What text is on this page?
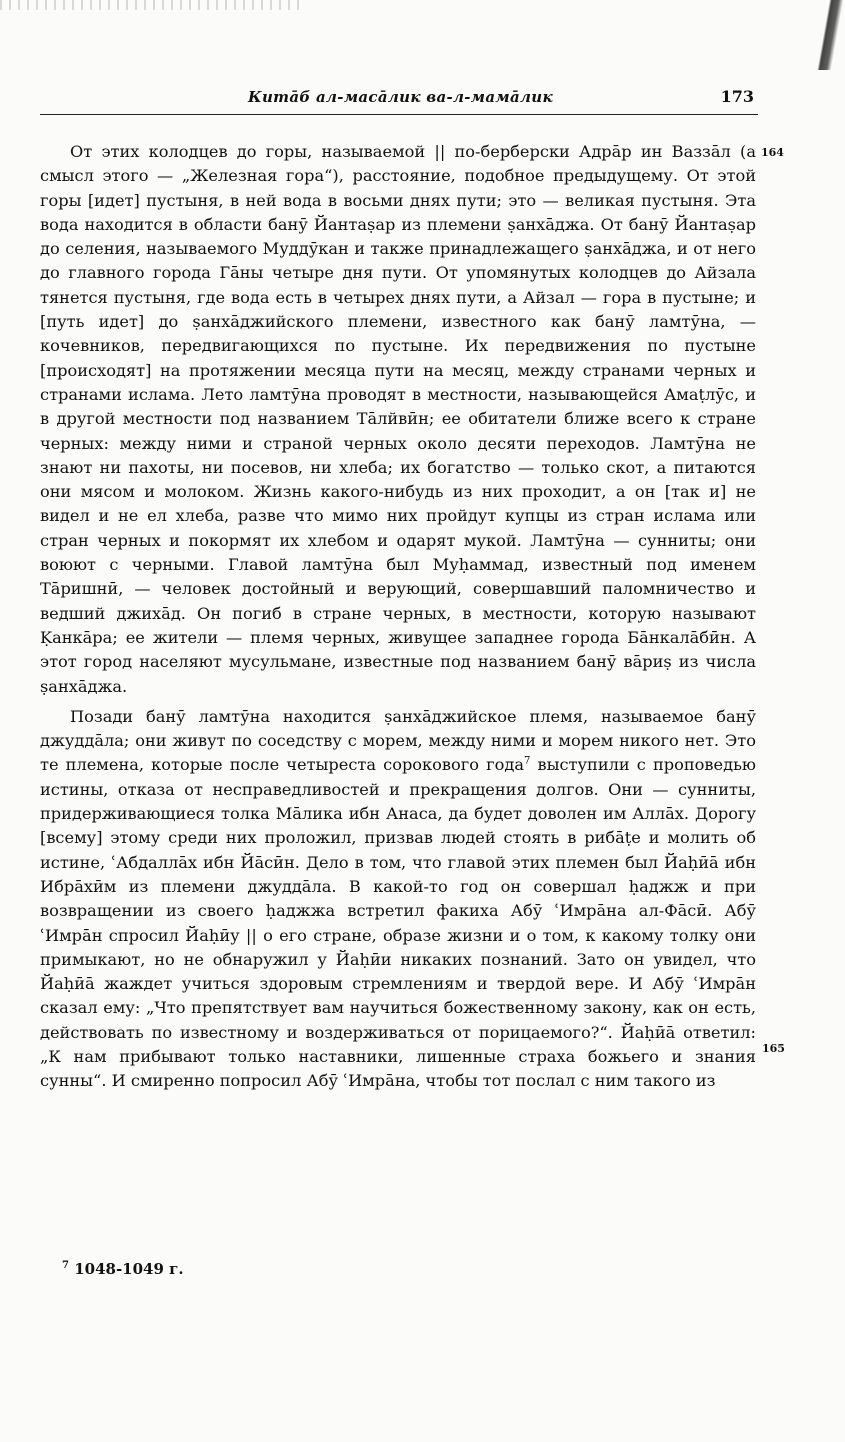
Китāб ал-масāлик ва-л-мамāлик	173
164
165

От этих колодцев до горы, называемой || по-берберски Адрāр ин Ваззāл (а смысл этого — „Железная гора“), расстояние, подобное предыдущему. От этой горы [идет] пустыня, в ней вода в восьми днях пути; это — великая пустыня. Эта вода находится в области банӯ Йантаṣар из племени ṣанхāджа. От банӯ Йантаṣар до селения, называемого Муддӯкан и также принадлежащего ṣанхāджа, и от него до главного города Гāны четыре дня пути. От упомянутых колодцев до Айзала тянется пустыня, где вода есть в четырех днях пути, а Айзал — гора в пустыне; и [путь идет] до ṣанхāджийского племени, известного как банӯ ламтӯна, — кочевников, передвигающихся по пустыне. Их передвижения по пустыне [происходят] на протяжении месяца пути на месяц, между странами черных и странами ислама. Лето ламтӯна проводят в местности, называющейся Амаṭлӯс, и в другой местности под названием Тāлйвӣн; ее обитатели ближе всего к стране черных: между ними и страной черных около десяти переходов. Ламтӯна не знают ни пахоты, ни посевов, ни хлеба; их богатство — только скот, а питаются они мясом и молоком. Жизнь какого-нибудь из них проходит, а он [так и] не видел и не ел хлеба, разве что мимо них пройдут купцы из стран ислама или стран черных и покормят их хлебом и одарят мукой. Ламтӯна — сунниты; они воюют с черными. Главой ламтӯна был Муḥаммад, известный под именем Тāришнӣ, — человек достойный и верующий, совершавший паломничество и ведший джихāд. Он погиб в стране черных, в местности, которую называют Ḳанкāра; ее жители — племя черных, живущее западнее города Бāнкалāбӣн. А этот город населяют мусульмане, известные под названием банӯ вāриṣ из числа ṣанхāджа.

Позади банӯ ламтӯна находится ṣанхāджийское племя, называемое банӯ джуддāла; они живут по соседству с морем, между ними и морем никого нет. Это те племена, которые после четыреста сорокового года$^7$ выступили с проповедью истины, отказа от несправедливостей и прекращения долгов. Они — сунниты, придерживающиеся толка Мāлика ибн Анаса, да будет доволен им Аллāх. Дорогу [всему] этому среди них проложил, призвав людей стоять в рибāṭе и молить об истине, ʿАбдаллāх ибн Йāсӣн. Дело в том, что главой этих племен был Йаḥӣā ибн Ибрāхӣм из племени джуддāла. В какой-то год он совершал ḥаджж и при возвращении из своего ḥаджжа встретил факиха Абӯ ʿИмрāна ал-Фāсӣ. Абӯ ʿИмрāн спросил Йаḥӣу || о его стране, образе жизни и о том, к какому толку они примыкают, но не обнаружил у Йаḥӣи никаких познаний. Зато он увидел, что Йаḥӣā жаждет учиться здоровым стремлениям и твердой вере. И Абӯ ʿИмрāн сказал ему: „Что препятствует вам научиться божественному закону, как он есть, действовать по известному и воздерживаться от порицаемого?“. Йаḥӣā ответил: „К нам прибывают только наставники, лишенные страха божьего и знания сунны“. И смиренно попросил Абӯ ʿИмрāна, чтобы тот послал с ним такого из

$^7$ 1048-1049 г.
